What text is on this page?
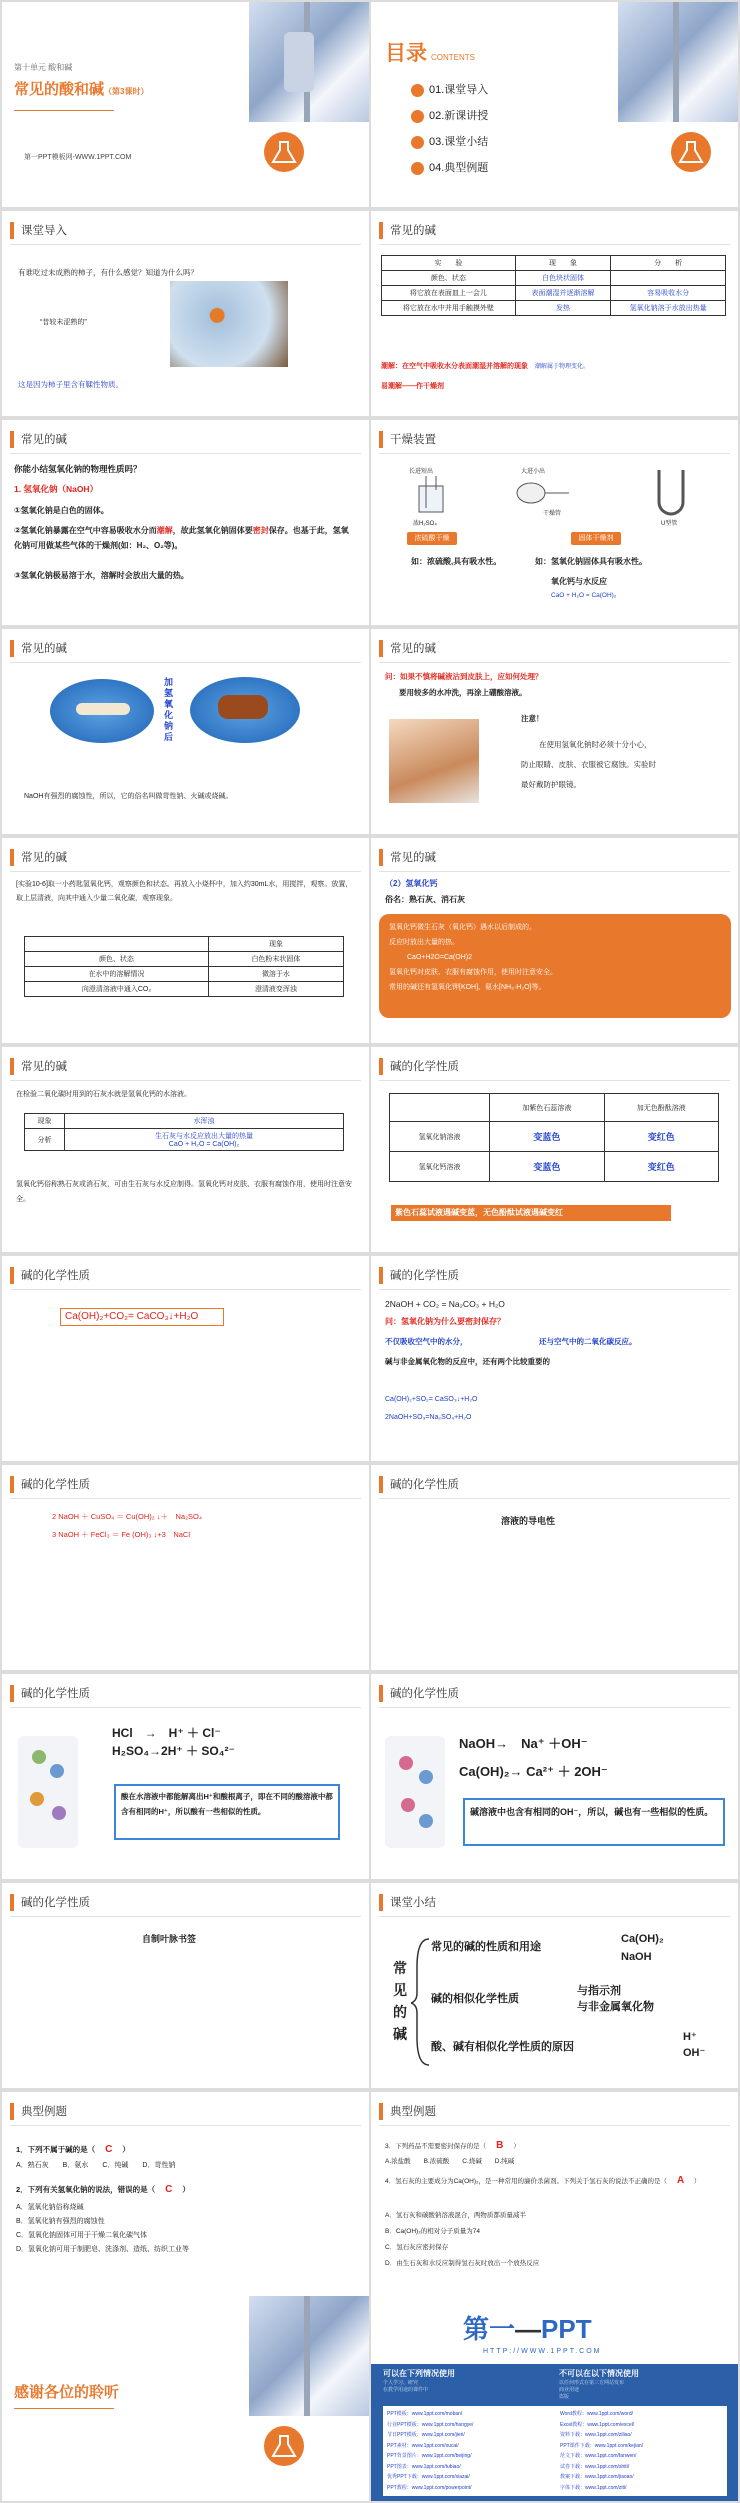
第十单元 酸和碱
常见的酸和碱（第3课时）
第一PPT模板网-WWW.1PPT.COM
目录 CONTENTS
01.课堂导入
02.新课讲授
03.课堂小结
04.典型例题
课堂导入
有谁吃过未成熟的柿子，有什么感觉？知道为什么吗？
“昔较未涩熟的”
这是因为柿子里含有鞣性物质。
常见的碱
实　　验	现　　象	分　　析
颜色、状态	白色块状固体	
将它放在表面皿上一会儿	表面潮湿并逐渐溶解	容易吸收水分
将它放在水中并用手触摸外壁	发热	氢氧化钠溶于水放出热量
潮解：在空气中吸收水分表面潮湿并溶解的现象　 潮解属于物理变化。
易潮解——作干燥剂
常见的碱
你能小结氢氧化钠的物理性质吗？
1. 氢氧化钠（NaOH）
①氢氧化钠是白色的固体。
②氢氧化钠暴露在空气中容易吸收水分而潮解，故此氢氧化钠固体要密封保存。也基于此，氢氧化钠可用做某些气体的干燥剂(如：H₂、O₂等)。
③氢氧化钠极易溶于水，溶解时会放出大量的热。
干燥装置
长进短出
浓H₂SO₄
大进小出
干燥管
U型管
浓硫酸干燥	固体干燥剂
如：浓硫酸,具有吸水性。	如：氢氧化钠固体具有吸水性。
氧化钙与水反应
CaO + H₂O = Ca(OH)₂
常见的碱
加氢氧化钠后
NaOH有强烈的腐蚀性，所以，它的俗名叫做苛性钠、火碱或烧碱。
常见的碱
问：如果不慎将碱液沾到皮肤上，应如何处理？
要用较多的水冲洗，再涂上硼酸溶液。
注意！
在使用氢氧化钠时必须十分小心，
防止眼睛、皮肤、衣服被它腐蚀。实验时
最好戴防护眼镜。
常见的碱
[实验10-6]取一小药匙氢氧化钙，观察颜色和状态。再放入小烧杯中，加入约30mL水，用搅拌，观察。放置，取上层清液，向其中通入少量二氧化碳，观察现象。
	现象
颜色、状态	白色粉末状固体
在水中的溶解情况	微溶于水
向澄清溶液中通入CO₂	澄清液变浑浊
常见的碱
（2）氢氧化钙
俗名：熟石灰、消石灰
氢氧化钙微生石灰（氧化钙）遇水以后制成的。
反应时放出大量的热。
CaO+H2O=Ca(OH)2
氢氧化钙对皮肤、衣服有腐蚀作用，使用时注意安全。
常用的碱还有氢氧化钾[KOH]、氨水[NH₃·H₂O]等。
常见的碱
在检验二氧化碳时用到的石灰水就是氢氧化钙的水溶液。
现象	水浑浊
分析	生石灰与水反应放出大量的热量
CaO + H₂O = Ca(OH)₂
氢氧化钙俗称熟石灰或消石灰，可由生石灰与水反应制得。氢氧化钙对皮肤、衣服有腐蚀作用，使用时注意安全。
碱的化学性质
	加紫色石蕊溶液	加无色酚酞溶液
氢氧化钠溶液	变蓝色	变红色
氢氧化钙溶液	变蓝色	变红色
紫色石蕊试液遇碱变蓝，无色酚酞试液遇碱变红
碱的化学性质
Ca(OH)₂+CO₂= CaCO₃↓+H₂O
碱的化学性质
2NaOH + CO₂ = Na₂CO₃ + H₂O
问：氢氧化钠为什么要密封保存？
不仅吸收空气中的水分，	还与空气中的二氧化碳反应。
碱与非金属氧化物的反应中，还有两个比较重要的
Ca(OH)₂+SO₂= CaSO₃↓+H₂O
2NaOH+SO₃=Na₂SO₄+H₂O
碱的化学性质
2 NaOH ＋ CuSO₄ ＝ Cu(OH)₂ ↓＋　Na₂SO₄
3 NaOH ＋ FeCl₃ ＝ Fe (OH)₃ ↓+3　NaCl
碱的化学性质
溶液的导电性
碱的化学性质
HCl　→　H⁺ ＋ Cl⁻
H₂SO₄→2H⁺ ＋ SO₄²⁻
酸在水溶液中都能解离出H⁺和酸根离子，即在不同的酸溶液中都含有相同的H⁺，所以酸有一些相似的性质。
碱的化学性质
NaOH→　Na⁺ ＋OH⁻
Ca(OH)₂→ Ca²⁺ ＋ 2OH⁻
碱溶液中也含有相同的OH⁻，所以，碱也有一些相似的性质。
碱的化学性质
自制叶脉书签
课堂小结
常见的碱
常见的碱的性质和用途
Ca(OH)₂
NaOH
碱的相似化学性质
与指示剂
与非金属氧化物
酸、碱有相似化学性质的原因
H⁺
OH⁻
典型例题
1．下列不属于碱的是（　 C　 ）
A．熟石灰　　B．氨水　　C．纯碱　　D．苛性钠
2．下列有关氢氧化钠的说法，错误的是（　 C　 ）
A．氢氧化钠俗称烧碱
B．氢氧化钠有强烈的腐蚀性
C．氢氧化钠固体可用于干燥二氧化碳气体
D．氢氧化钠可用于制肥皂、洗涤剂、造纸、纺织工业等
典型例题
3．下列药品不需要密封保存的是（　 B　 ）
A.浓盐酸　　B.浓硫酸　　C.烧碱　　D.纯碱
4．氢石灰的主要成分为Ca(OH)₂，是一种常用的廉价杀菌剂。下列关于氢石灰的说法不正确的是（　 A　 ）
A．氢石灰和碳酸钠溶液混合，两物质都质量减半
B．Ca(OH)₂的相对分子质量为74
C．氢石灰应密封保存
D．由生石灰和水反应制得氢石灰时放出一个放热反应
感谢各位的聆听
第一—PPT
HTTP://WWW.1PPT.COM
可以在下列情况使用
个人学习、研究
在教学用途的课件中
不可以在以下情况使用
以任何形式在第三方网站发布
商业用途
盗版
PPT模板：www.1ppt.com/moban/
行业PPT模板：www.1ppt.com/hangye/
节日PPT模板：www.1ppt.com/jieri/
PPT素材：www.1ppt.com/sucai/
PPT背景图片：www.1ppt.com/beijing/
PPT图表：www.1ppt.com/tubiao/
优秀PPT下载：www.1ppt.com/xiazai/
PPT教程：www.1ppt.com/powerpoint/
Word教程：www.1ppt.com/word/
Excel教程：www.1ppt.com/excel/
资料下载：www.1ppt.com/ziliao/
PPT课件下载：www.1ppt.com/kejian/
范文下载：www.1ppt.com/fanwen/
试卷下载：www.1ppt.com/shiti/
教案下载：www.1ppt.com/jiaoan/
字体下载：www.1ppt.com/ziti/
